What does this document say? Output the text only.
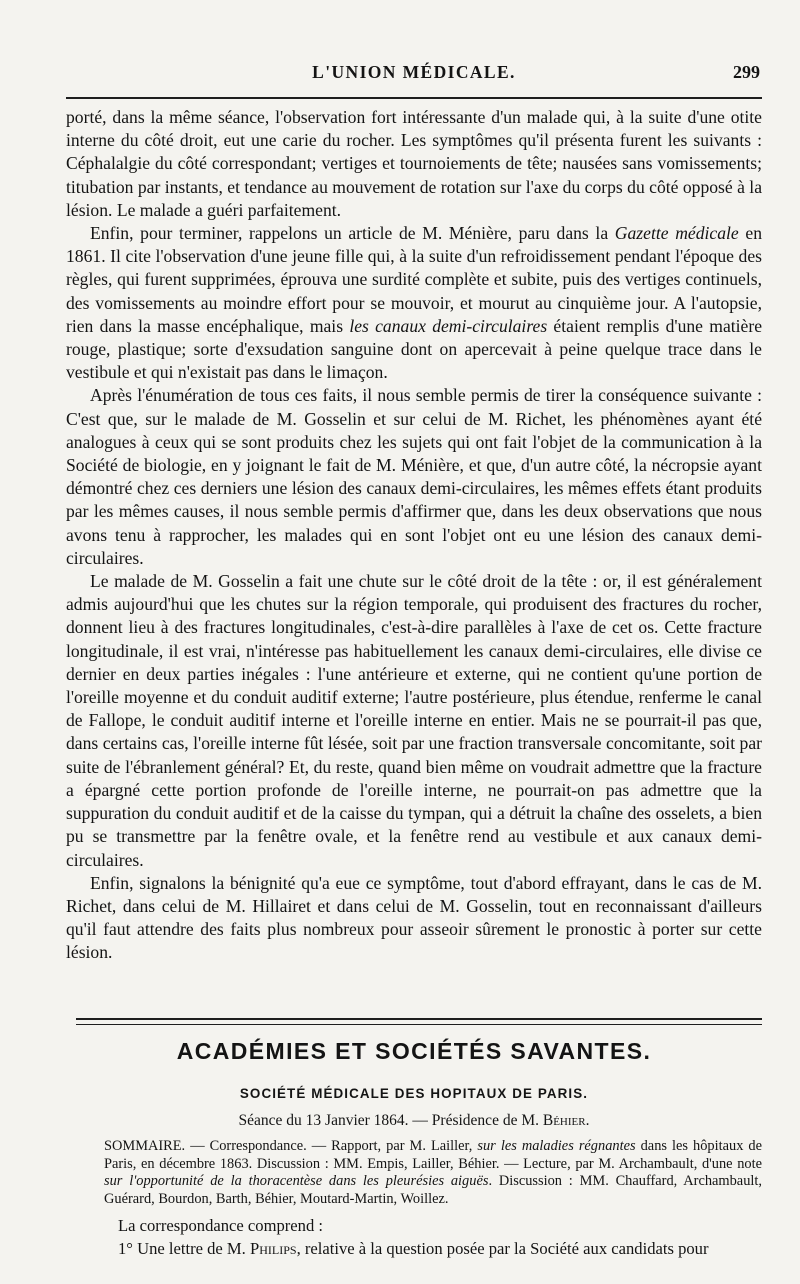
L'UNION MÉDICALE.	299

porté, dans la même séance, l'observation fort intéressante d'un malade qui, à la suite d'une otite interne du côté droit, eut une carie du rocher. Les symptômes qu'il présenta furent les suivants : Céphalalgie du côté correspondant; vertiges et tournoiements de tête; nausées sans vomissements; titubation par instants, et tendance au mouvement de rotation sur l'axe du corps du côté opposé à la lésion. Le malade a guéri parfaitement.

Enfin, pour terminer, rappelons un article de M. Ménière, paru dans la Gazette médicale en 1861. Il cite l'observation d'une jeune fille qui, à la suite d'un refroidissement pendant l'époque des règles, qui furent supprimées, éprouva une surdité complète et subite, puis des vertiges continuels, des vomissements au moindre effort pour se mouvoir, et mourut au cinquième jour. A l'autopsie, rien dans la masse encéphalique, mais les canaux demi-circulaires étaient remplis d'une matière rouge, plastique; sorte d'exsudation sanguine dont on apercevait à peine quelque trace dans le vestibule et qui n'existait pas dans le limaçon.

Après l'énumération de tous ces faits, il nous semble permis de tirer la conséquence suivante : C'est que, sur le malade de M. Gosselin et sur celui de M. Richet, les phénomènes ayant été analogues à ceux qui se sont produits chez les sujets qui ont fait l'objet de la communication à la Société de biologie, en y joignant le fait de M. Ménière, et que, d'un autre côté, la nécropsie ayant démontré chez ces derniers une lésion des canaux demi-circulaires, les mêmes effets étant produits par les mêmes causes, il nous semble permis d'affirmer que, dans les deux observations que nous avons tenu à rapprocher, les malades qui en sont l'objet ont eu une lésion des canaux demi-circulaires.

Le malade de M. Gosselin a fait une chute sur le côté droit de la tête : or, il est généralement admis aujourd'hui que les chutes sur la région temporale, qui produisent des fractures du rocher, donnent lieu à des fractures longitudinales, c'est-à-dire parallèles à l'axe de cet os. Cette fracture longitudinale, il est vrai, n'intéresse pas habituellement les canaux demi-circulaires, elle divise ce dernier en deux parties inégales : l'une antérieure et externe, qui ne contient qu'une portion de l'oreille moyenne et du conduit auditif externe; l'autre postérieure, plus étendue, renferme le canal de Fallope, le conduit auditif interne et l'oreille interne en entier. Mais ne se pourrait-il pas que, dans certains cas, l'oreille interne fût lésée, soit par une fraction transversale concomitante, soit par suite de l'ébranlement général? Et, du reste, quand bien même on voudrait admettre que la fracture a épargné cette portion profonde de l'oreille interne, ne pourrait-on pas admettre que la suppuration du conduit auditif et de la caisse du tympan, qui a détruit la chaîne des osselets, a bien pu se transmettre par la fenêtre ovale, et la fenêtre rend au vestibule et aux canaux demi-circulaires.

Enfin, signalons la bénignité qu'a eue ce symptôme, tout d'abord effrayant, dans le cas de M. Richet, dans celui de M. Hillairet et dans celui de M. Gosselin, tout en reconnaissant d'ailleurs qu'il faut attendre des faits plus nombreux pour asseoir sûrement le pronostic à porter sur cette lésion.

ACADÉMIES ET SOCIÉTÉS SAVANTES.
SOCIÉTÉ MÉDICALE DES HOPITAUX DE PARIS.
Séance du 13 Janvier 1864. — Présidence de M. Béhier.
SOMMAIRE. — Correspondance. — Rapport, par M. Lailler, sur les maladies régnantes dans les hôpitaux de Paris, en décembre 1863. Discussion : MM. Empis, Lailler, Béhier. — Lecture, par M. Archambault, d'une note sur l'opportunité de la thoracentèse dans les pleurésies aiguës. Discussion : MM. Chauffard, Archambault, Guérard, Bourdon, Barth, Béhier, Moutard-Martin, Woillez.

La correspondance comprend :

1° Une lettre de M. Philips, relative à la question posée par la Société aux candidats pour
